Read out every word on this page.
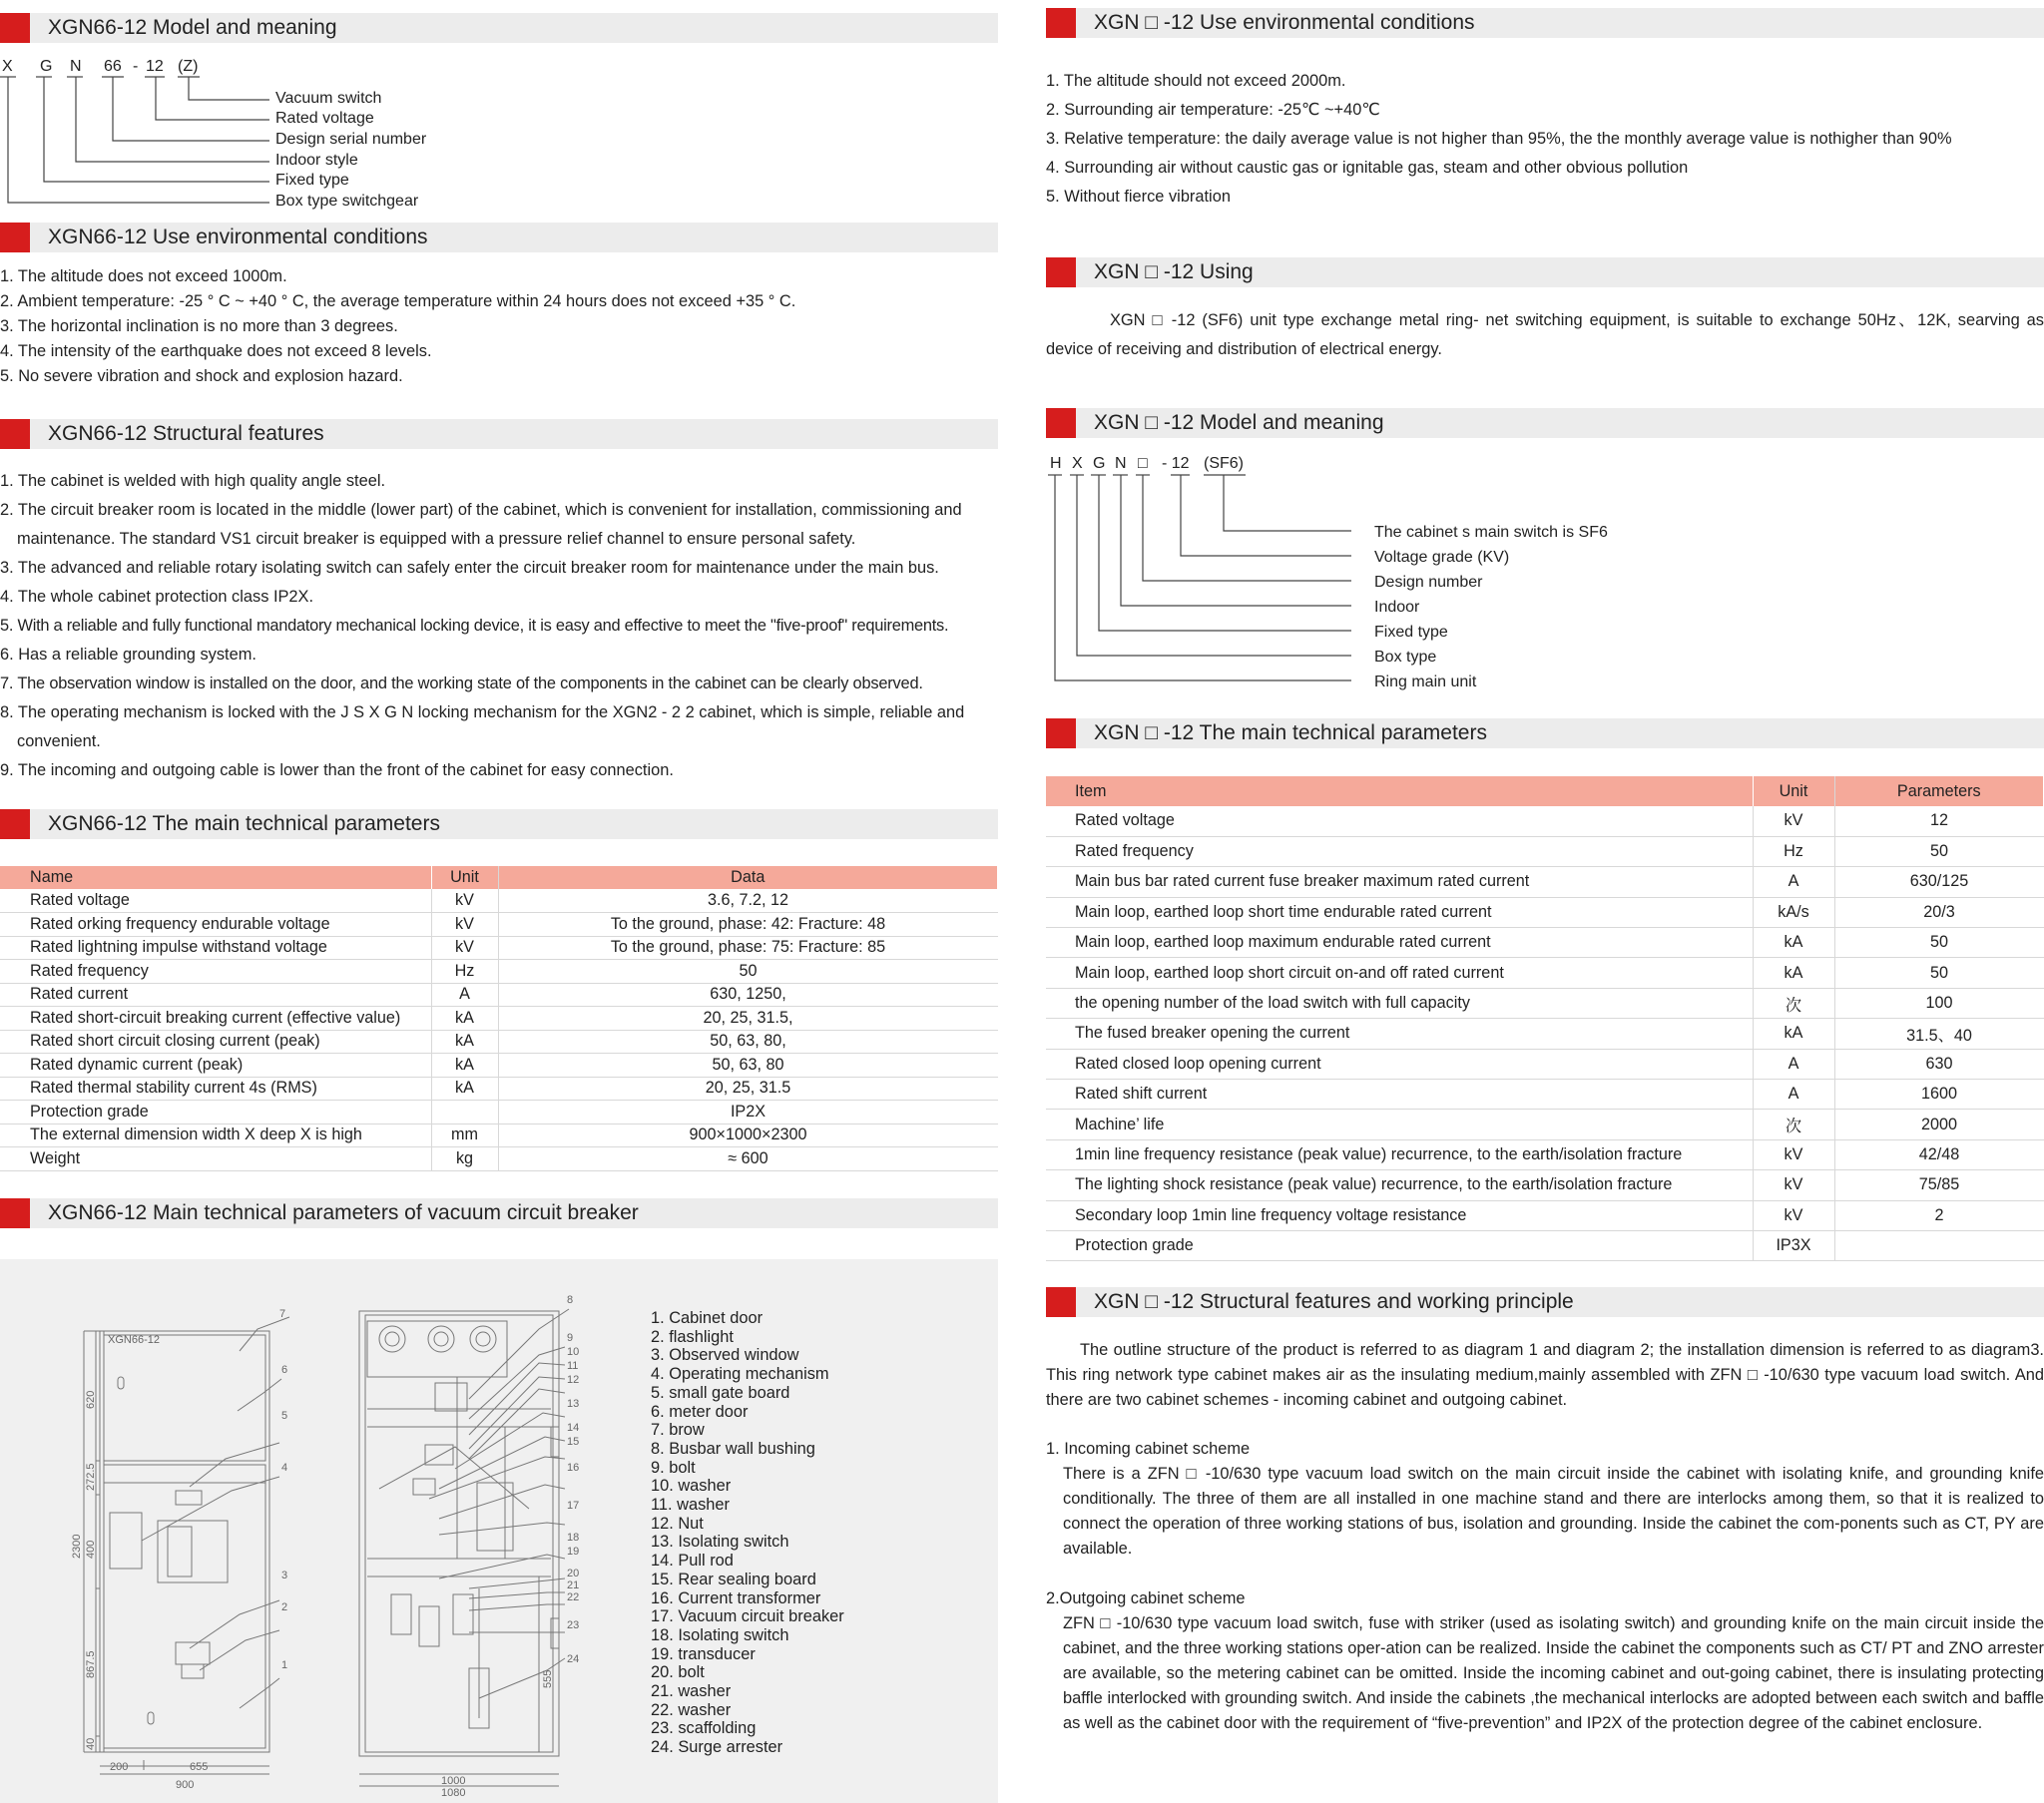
XGN66-12 Model and meaning
X G N 66 - 12 (Z)
Vacuum switch
Rated voltage
Design serial number
Indoor style
Fixed type
Box type switchgear
XGN66-12 Use environmental conditions
1. The altitude does not exceed 1000m.
2. Ambient temperature: -25 ° C ~ +40 ° C, the average temperature within 24 hours does not exceed +35 ° C.
3. The horizontal inclination is no more than 3 degrees.
4. The intensity of the earthquake does not exceed 8 levels.
5. No severe vibration and shock and explosion hazard.
XGN66-12 Structural features
1. The cabinet is welded with high quality angle steel.
2. The circuit breaker room is located in the middle (lower part) of the cabinet, which is convenient for installation, commissioning and maintenance. The standard VS1 circuit breaker is equipped with a pressure relief channel to ensure personal safety.
3. The advanced and reliable rotary isolating switch can safely enter the circuit breaker room for maintenance under the main bus.
4. The whole cabinet protection class IP2X.
5. With a reliable and fully functional mandatory mechanical locking device, it is easy and effective to meet the "five-proof" requirements.
6. Has a reliable grounding system.
7. The observation window is installed on the door, and the working state of the components in the cabinet can be clearly observed.
8. The operating mechanism is locked with the J S X G N locking mechanism for the XGN2 - 2 2 cabinet, which is simple, reliable and convenient.
9. The incoming and outgoing cable is lower than the front of the cabinet for easy connection.
XGN66-12 The main technical parameters
Name	Unit	Data
Rated voltage	kV	3.6, 7.2, 12
Rated orking frequency endurable voltage	kV	To the ground, phase: 42: Fracture: 48
Rated lightning impulse withstand voltage	kV	To the ground, phase: 75: Fracture: 85
Rated frequency	Hz	50
Rated current	A	630, 1250,
Rated short-circuit breaking current (effective value)	kA	20, 25, 31.5,
Rated short circuit closing current (peak)	kA	50, 63, 80,
Rated dynamic current (peak)	kA	50, 63, 80
Rated thermal stability current 4s (RMS)	kA	20, 25, 31.5
Protection grade		IP2X
The external dimension width X deep X is high	mm	900×1000×2300
Weight	kg	≈ 600
XGN66-12 Main technical parameters of vacuum circuit breaker
XGN66-12
7
6
5
4
3
2
1
8
9
10
11
12
13
14
15
16
17
18
19
20
21
22
23
24
200	655
900	1000
1080
2300
620
272.5
400
867.5
40
555
1. Cabinet door
2. flashlight
3. Observed window
4. Operating mechanism
5. small gate board
6. meter door
7. brow
8. Busbar wall bushing
9. bolt
10. washer
11. washer
12. Nut
13. Isolating switch
14. Pull rod
15. Rear sealing board
16. Current transformer
17. Vacuum circuit breaker
18. Isolating switch
19. transducer
20. bolt
21. washer
22. washer
23. scaffolding
24. Surge arrester
XGN □ -12 Use environmental conditions
1. The altitude should not exceed 2000m.
2. Surrounding air temperature: -25℃ ~+40℃
3. Relative temperature: the daily average value is not higher than 95%, the the monthly average value is nothigher than 90%
4. Surrounding air without caustic gas or ignitable gas, steam and other obvious pollution
5. Without fierce vibration
XGN □ -12 Using
XGN □ -12 (SF6) unit type exchange metal ring- net switching equipment, is suitable to exchange 50Hz、12K, searving as device of receiving and distribution of electrical energy.
XGN □ -12 Model and meaning
H X G N □ - 12 (SF6)
The cabinet s main switch is SF6
Voltage grade (KV)
Design number
Indoor
Fixed type
Box type
Ring main unit
XGN □ -12 The main technical parameters
Item	Unit	Parameters
Rated voltage	kV	12
Rated frequency	Hz	50
Main bus bar rated current fuse breaker maximum rated current	A	630/125
Main loop, earthed loop short time endurable rated current	kA/s	20/3
Main loop, earthed loop maximum endurable rated current	kA	50
Main loop, earthed loop short circuit on-and off rated current	kA	50
the opening number of the load switch with full capacity	次	100
The fused breaker opening the current	kA	31.5、40
Rated closed loop opening current	A	630
Rated shift current	A	1600
Machine’ life	次	2000
1min line frequency resistance (peak value) recurrence, to the earth/isolation fracture	kV	42/48
The lighting shock resistance (peak value) recurrence, to the earth/isolation fracture	kV	75/85
Secondary loop 1min line frequency voltage resistance	kV	2
Protection grade	IP3X	
XGN □ -12 Structural features and working principle
The outline structure of the product is referred to as diagram 1 and diagram 2; the installation dimension is referred to as diagram3. This ring network type cabinet makes air as the insulating medium,mainly assembled with ZFN □ -10/630 type vacuum load switch. And there are two cabinet schemes - incoming cabinet and outgoing cabinet.
1. Incoming cabinet scheme
There is a ZFN □ -10/630 type vacuum load switch on the main circuit inside the cabinet with isolating knife, and grounding knife conditionally. The three of them are all installed in one machine stand and there are interlocks among them, so that it is realized to connect the operation of three working stations of bus, isolation and grounding. Inside the cabinet the com-ponents such as CT, PY are available.
2.Outgoing cabinet scheme
ZFN □ -10/630 type vacuum load switch, fuse with striker (used as isolating switch) and grounding knife on the main circuit inside the cabinet, and the three working stations oper-ation can be realized. Inside the cabinet the components such as CT/ PT and ZNO arrester are available, so the metering cabinet can be omitted. Inside the incoming cabinet and out-going cabinet, there is insulating protecting baffle interlocked with grounding switch. And inside the cabinets ,the mechanical interlocks are adopted between each switch and baffle as well as the cabinet door with the requirement of “five-prevention” and IP2X of the protection degree of the cabinet enclosure.
